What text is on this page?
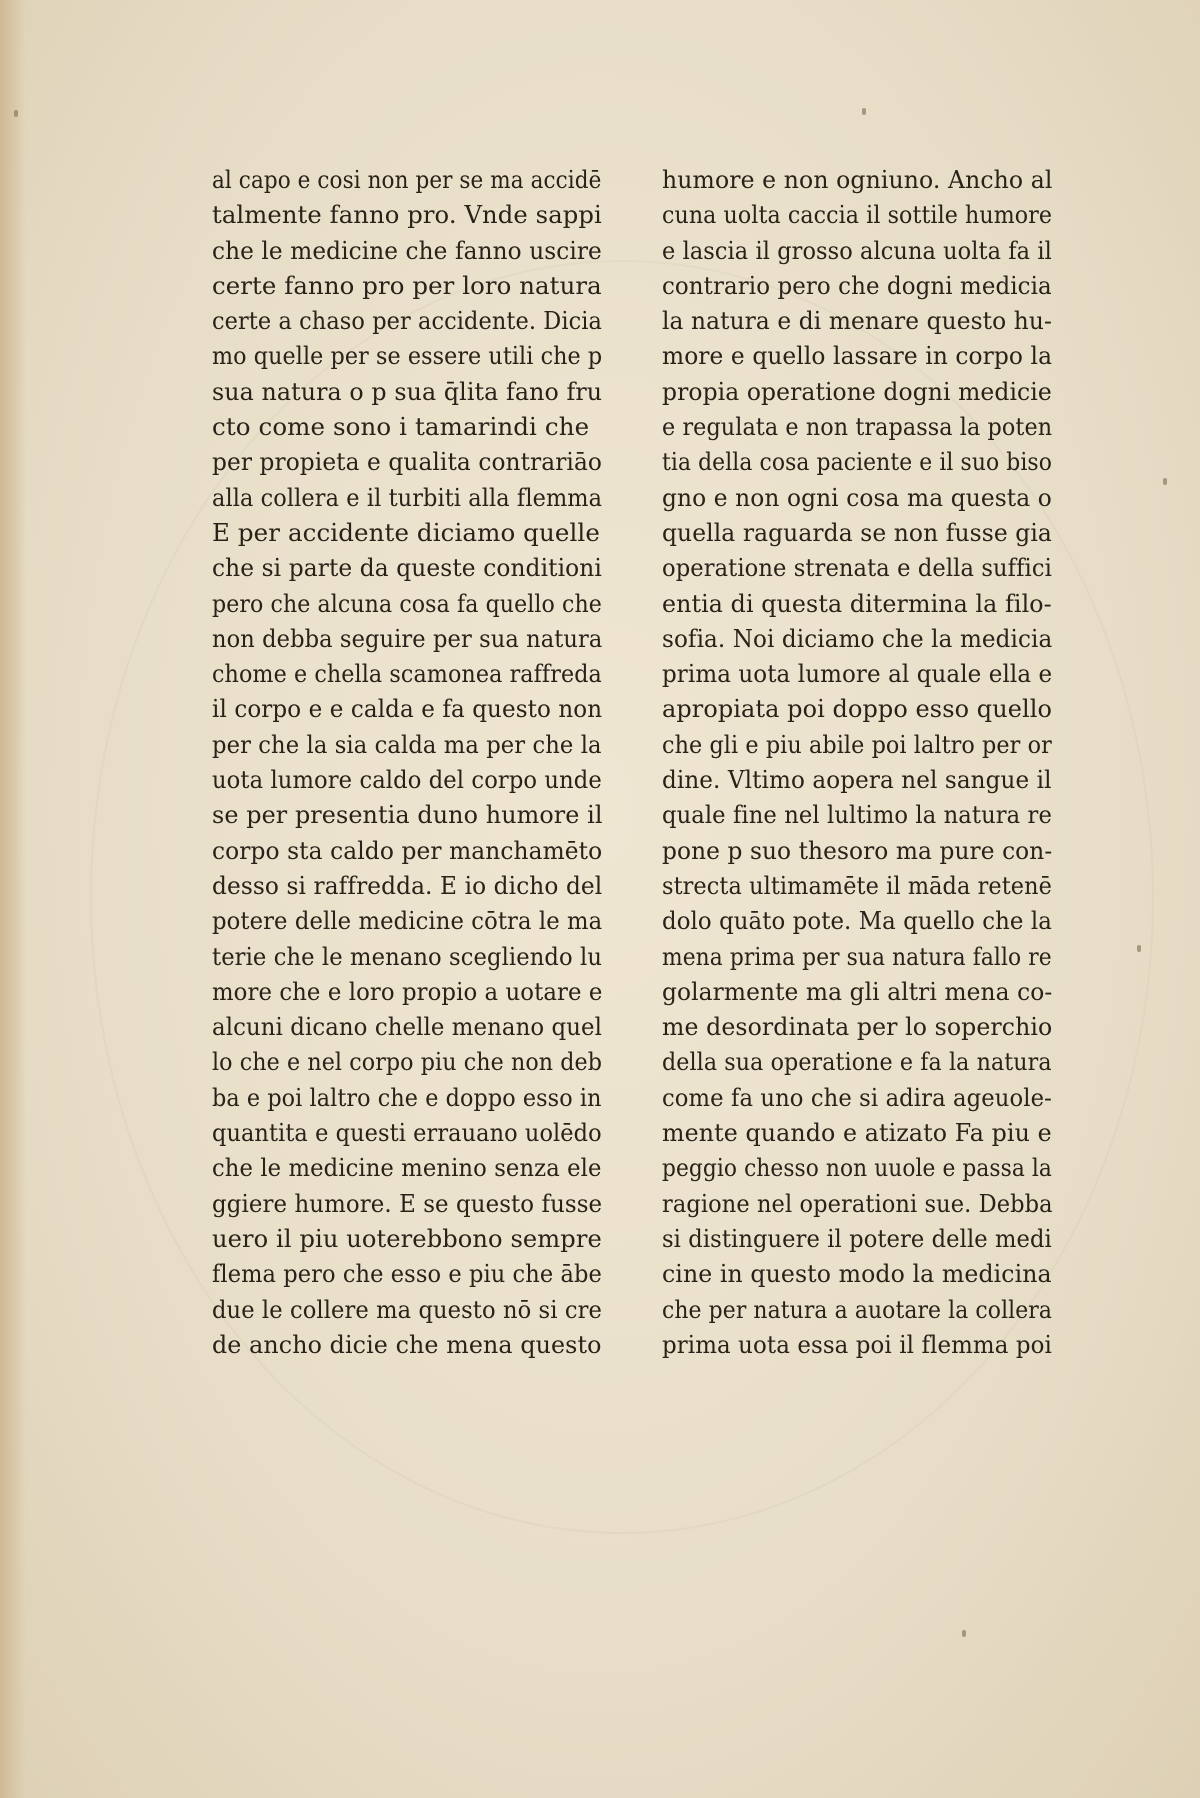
al capo e cosi non per se ma accidē
talmente fanno pro. Vnde sappi
che le medicine che fanno uscire
certe fanno pro per loro natura
certe a chaso per accidente. Dicia
mo quelle per se essere utili che p
sua natura o p sua q̄lita fano fru
cto come sono i tamarindi che
per propieta e qualita contrariāo
alla collera e il turbiti alla flemma
E per accidente diciamo quelle
che si parte da queste conditioni
pero che alcuna cosa fa quello che
non debba seguire per sua natura
chome e chella scamonea raffreda
il corpo e e calda e fa questo non
per che la sia calda ma per che la
uota lumore caldo del corpo unde
se per presentia duno humore il
corpo sta caldo per manchamēto
desso si raffredda. E io dicho del
potere delle medicine cōtra le ma
terie che le menano scegliendo lu
more che e loro propio a uotare e
alcuni dicano chelle menano quel
lo che e nel corpo piu che non deb
ba e poi laltro che e doppo esso in
quantita e questi errauano uolēdo
che le medicine menino senza ele
ggiere humore. E se questo fusse
uero il piu uoterebbono sempre
flema pero che esso e piu che ābe
due le collere ma questo nō si cre
de ancho dicie che mena questo
humore e non ogniuno. Ancho al
cuna uolta caccia il sottile humore
e lascia il grosso alcuna uolta fa il
contrario pero che dogni medicia
la natura e di menare questo hu-
more e quello lassare in corpo la
propia operatione dogni medicie
e regulata e non trapassa la poten
tia della cosa paciente e il suo biso
gno e non ogni cosa ma questa o
quella raguarda se non fusse gia
operatione strenata e della suffici
entia di questa ditermina la filo-
sofia. Noi diciamo che la medicia
prima uota lumore al quale ella e
apropiata poi doppo esso quello
che gli e piu abile poi laltro per or
dine. Vltimo aopera nel sangue il
quale fine nel lultimo la natura re
pone p suo thesoro ma pure con-
strecta ultimamēte il māda retenē
dolo quāto pote. Ma quello che la
mena prima per sua natura fallo re
golarmente ma gli altri mena co-
me desordinata per lo soperchio
della sua operatione e fa la natura
come fa uno che si adira ageuole-
mente quando e atizato Fa piu e
peggio chesso non uuole e passa la
ragione nel operationi sue. Debba
si distinguere il potere delle medi
cine in questo modo la medicina
che per natura a auotare la collera
prima uota essa poi il flemma poi
